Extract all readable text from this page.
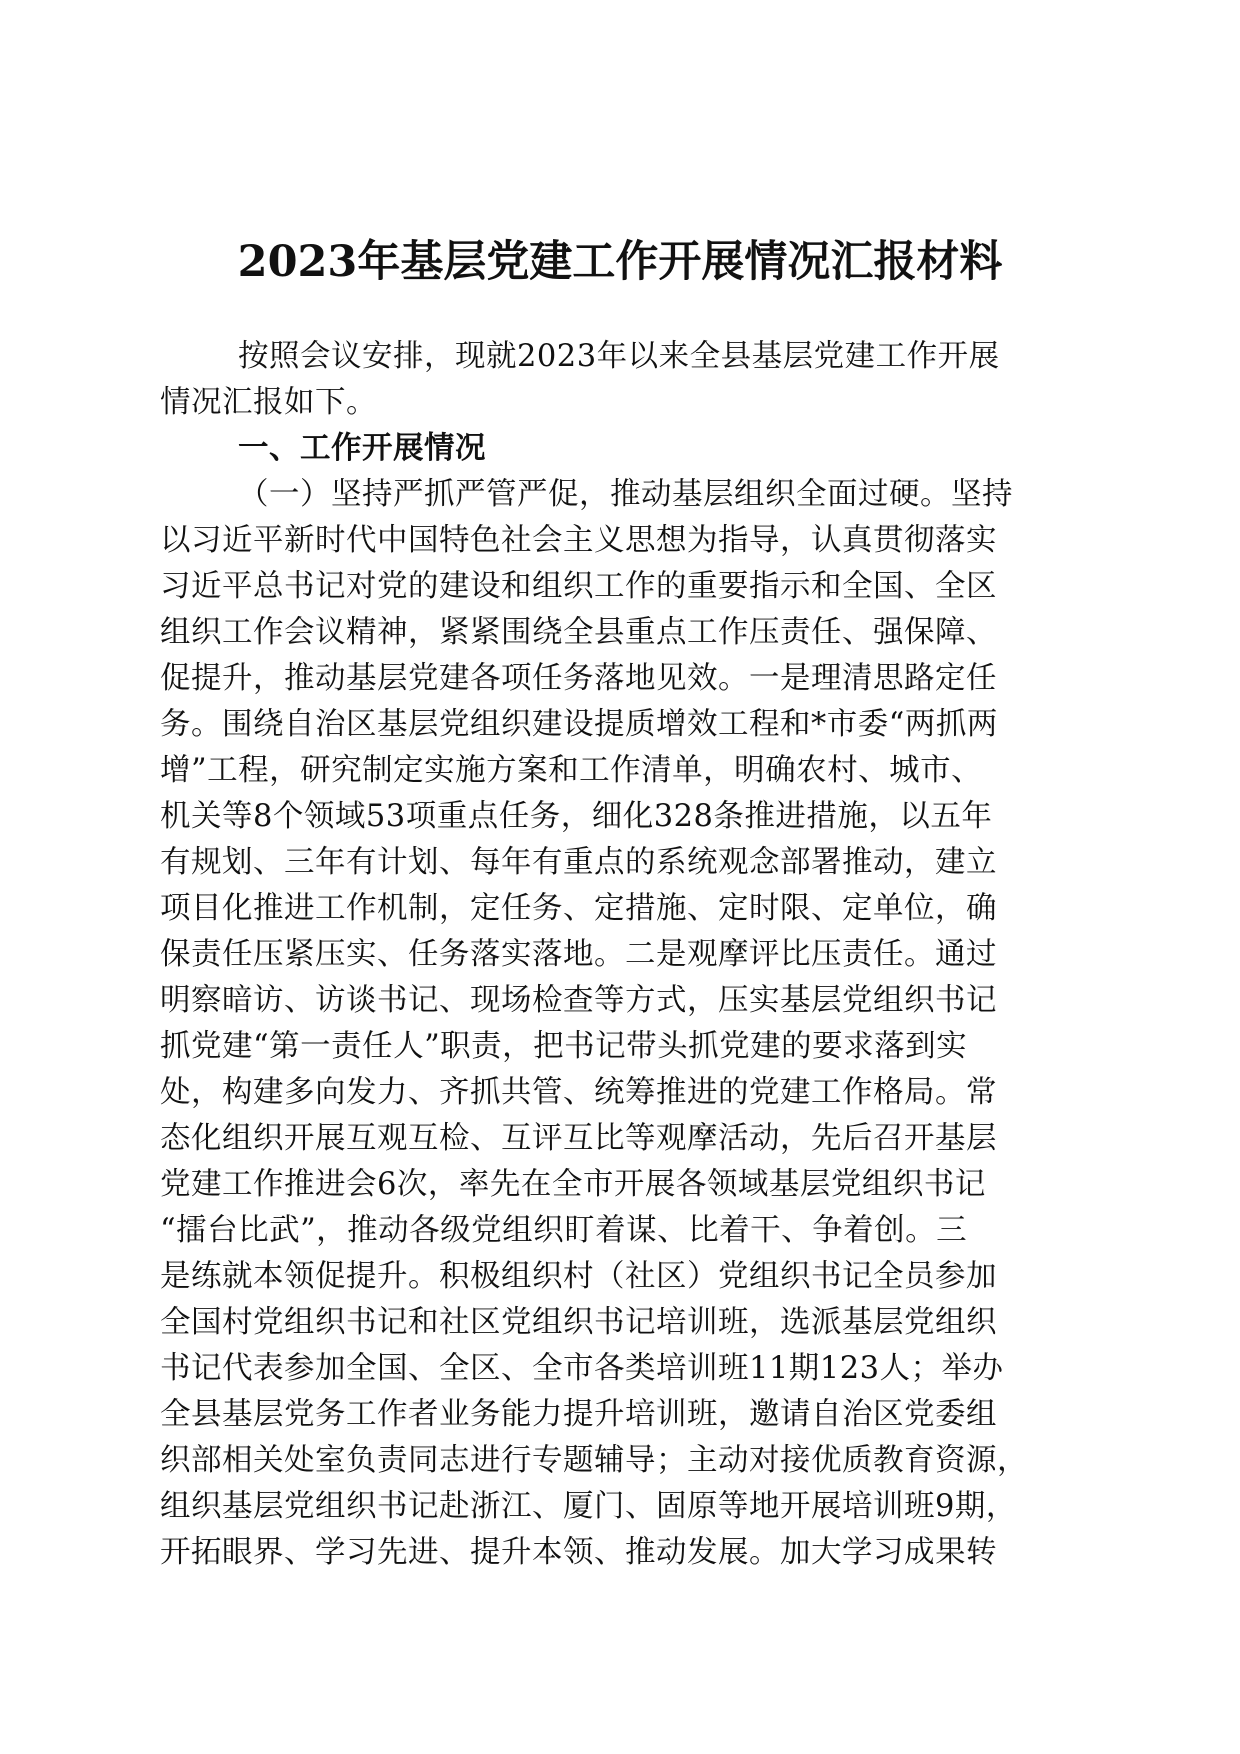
2023年基层党建工作开展情况汇报材料
按照会议安排，现就2023年以来全县基层党建工作开展
情况汇报如下。
一、工作开展情况
（一）坚持严抓严管严促，推动基层组织全面过硬。坚持
以习近平新时代中国特色社会主义思想为指导，认真贯彻落实
习近平总书记对党的建设和组织工作的重要指示和全国、全区
组织工作会议精神，紧紧围绕全县重点工作压责任、强保障、
促提升，推动基层党建各项任务落地见效。一是理清思路定任
务。围绕自治区基层党组织建设提质增效工程和*市委“两抓两
增”工程，研究制定实施方案和工作清单，明确农村、城市、
机关等8个领域53项重点任务，细化328条推进措施，以五年
有规划、三年有计划、每年有重点的系统观念部署推动，建立
项目化推进工作机制，定任务、定措施、定时限、定单位，确
保责任压紧压实、任务落实落地。二是观摩评比压责任。通过
明察暗访、访谈书记、现场检查等方式，压实基层党组织书记
抓党建“第一责任人”职责，把书记带头抓党建的要求落到实
处，构建多向发力、齐抓共管、统筹推进的党建工作格局。常
态化组织开展互观互检、互评互比等观摩活动，先后召开基层
党建工作推进会6次，率先在全市开展各领域基层党组织书记
“擂台比武”，推动各级党组织盯着谋、比着干、争着创。三
是练就本领促提升。积极组织村（社区）党组织书记全员参加
全国村党组织书记和社区党组织书记培训班，选派基层党组织
书记代表参加全国、全区、全市各类培训班11期123人；举办
全县基层党务工作者业务能力提升培训班，邀请自治区党委组
织部相关处室负责同志进行专题辅导；主动对接优质教育资源，
组织基层党组织书记赴浙江、厦门、固原等地开展培训班9期，
开拓眼界、学习先进、提升本领、推动发展。加大学习成果转
